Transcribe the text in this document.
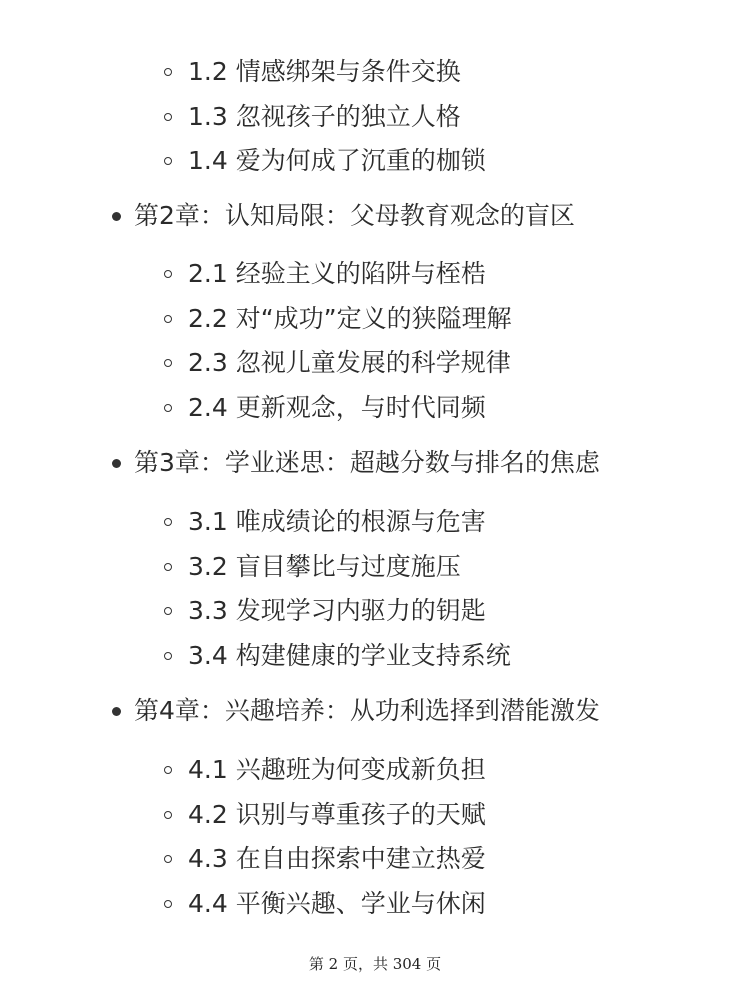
1.2 情感绑架与条件交换
1.3 忽视孩子的独立人格
1.4 爱为何成了沉重的枷锁
第2章：认知局限：父母教育观念的盲区
2.1 经验主义的陷阱与桎梏
2.2 对“成功”定义的狭隘理解
2.3 忽视儿童发展的科学规律
2.4 更新观念，与时代同频
第3章：学业迷思：超越分数与排名的焦虑
3.1 唯成绩论的根源与危害
3.2 盲目攀比与过度施压
3.3 发现学习内驱力的钥匙
3.4 构建健康的学业支持系统
第4章：兴趣培养：从功利选择到潜能激发
4.1 兴趣班为何变成新负担
4.2 识别与尊重孩子的天赋
4.3 在自由探索中建立热爱
4.4 平衡兴趣、学业与休闲
第 2 页，共 304 页
